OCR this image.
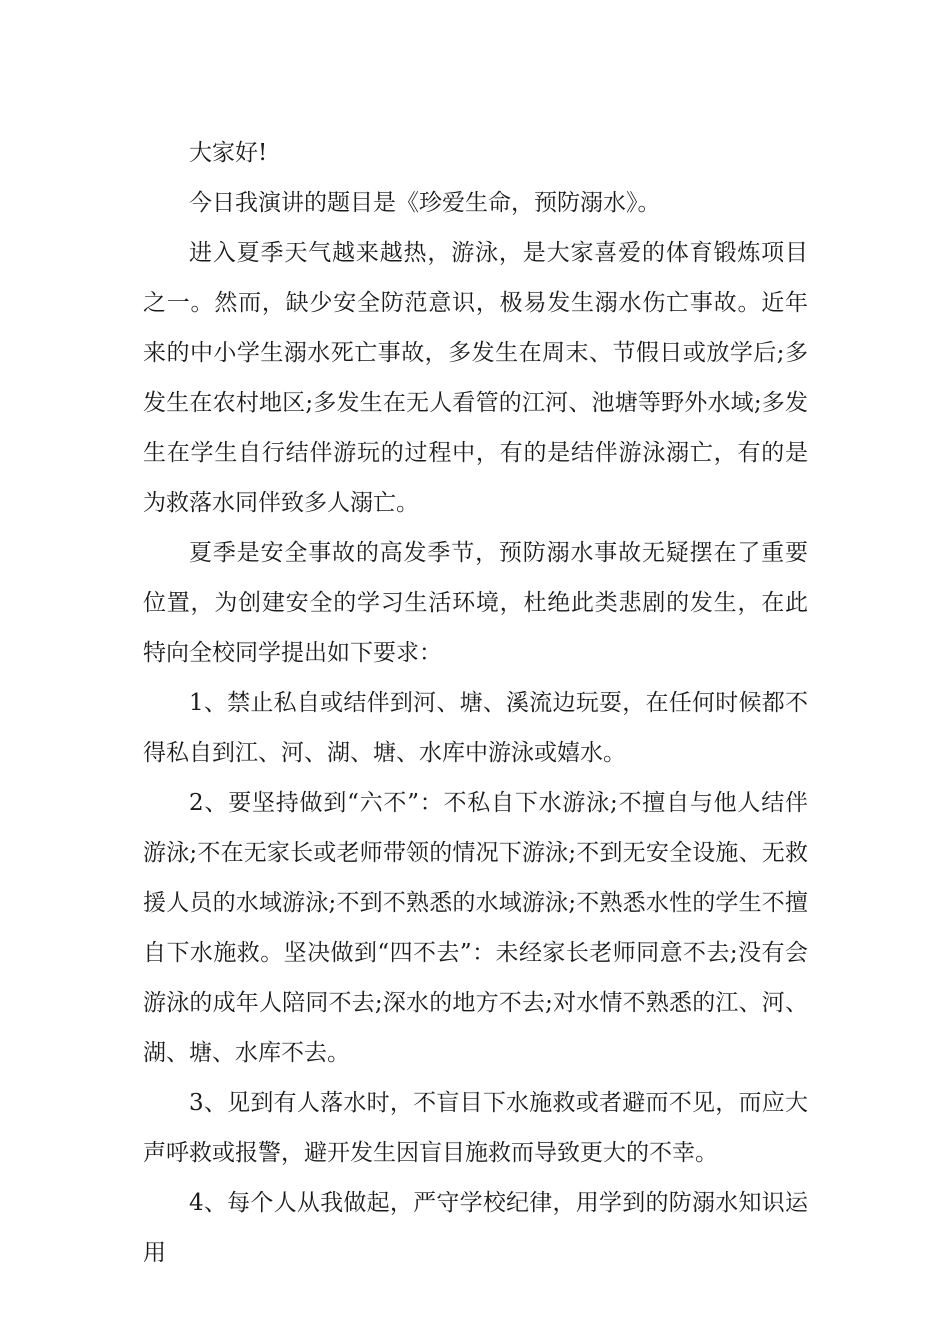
大家好!

今日我演讲的题目是《珍爱生命，预防溺水》。

进入夏季天气越来越热，游泳，是大家喜爱的体育锻炼项目之一。然而，缺少安全防范意识，极易发生溺水伤亡事故。近年来的中小学生溺水死亡事故，多发生在周末、节假日或放学后;多发生在农村地区;多发生在无人看管的江河、池塘等野外水域;多发生在学生自行结伴游玩的过程中，有的是结伴游泳溺亡，有的是为救落水同伴致多人溺亡。

夏季是安全事故的高发季节，预防溺水事故无疑摆在了重要位置，为创建安全的学习生活环境，杜绝此类悲剧的发生，在此特向全校同学提出如下要求：

1、禁止私自或结伴到河、塘、溪流边玩耍，在任何时候都不得私自到江、河、湖、塘、水库中游泳或嬉水。

2、要坚持做到“六不”：不私自下水游泳;不擅自与他人结伴游泳;不在无家长或老师带领的情况下游泳;不到无安全设施、无救援人员的水域游泳;不到不熟悉的水域游泳;不熟悉水性的学生不擅自下水施救。坚决做到“四不去”：未经家长老师同意不去;没有会游泳的成年人陪同不去;深水的地方不去;对水情不熟悉的江、河、湖、塘、水库不去。

3、见到有人落水时，不盲目下水施救或者避而不见，而应大声呼救或报警，避开发生因盲目施救而导致更大的不幸。

4、每个人从我做起，严守学校纪律，用学到的防溺水知识运用
